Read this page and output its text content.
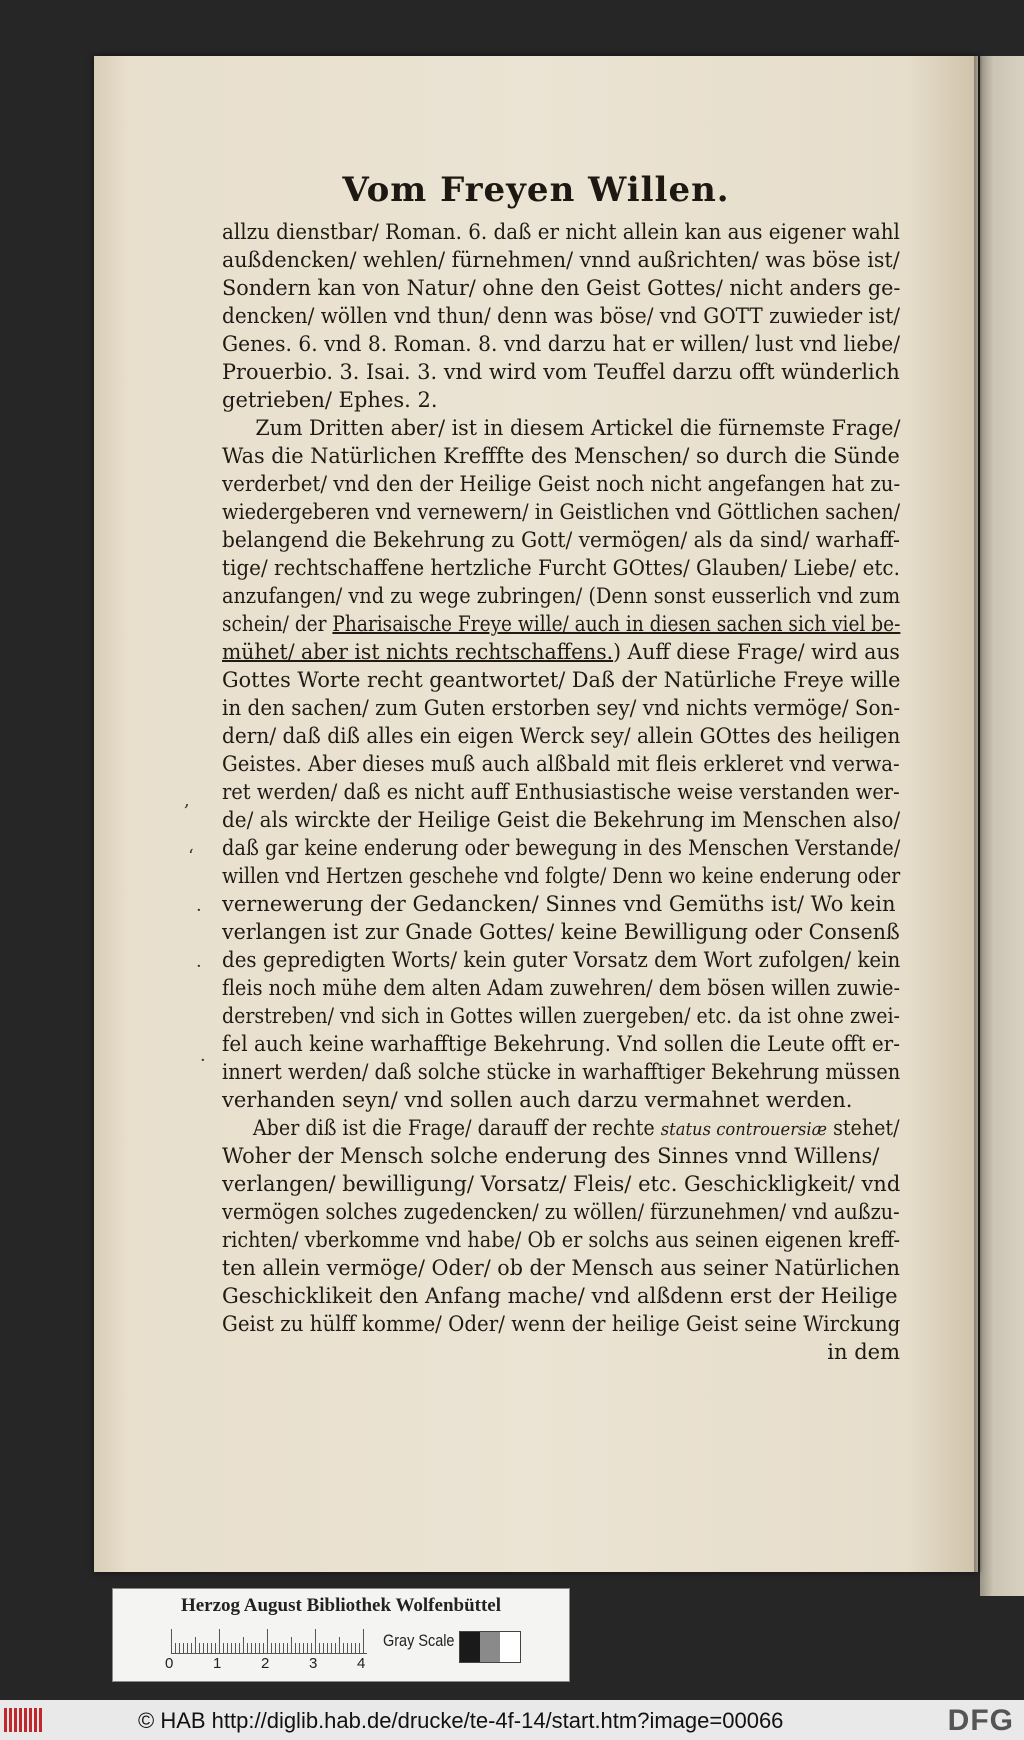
Vom Freyen Willen.
allzu dienstbar/ Roman. 6. daß er nicht allein kan aus eigener wahl
außdencken/ wehlen/ fürnehmen/ vnnd außrichten/ was böse ist/
Sondern kan von Natur/ ohne den Geist Gottes/ nicht anders ge-
dencken/ wöllen vnd thun/ denn was böse/ vnd GOTT zuwieder ist/
Genes. 6. vnd 8. Roman. 8. vnd darzu hat er willen/ lust vnd liebe/
Prouerbio. 3. Isai. 3. vnd wird vom Teuffel darzu offt wünderlich
getrieben/ Ephes. 2.
Zum Dritten aber/ ist in diesem Artickel die fürnemste Frage/
Was die Natürlichen Krefffte des Menschen/ so durch die Sünde
verderbet/ vnd den der Heilige Geist noch nicht angefangen hat zu-
wiedergeberen vnd vernewern/ in Geistlichen vnd Göttlichen sachen/
belangend die Bekehrung zu Gott/ vermögen/ als da sind/ warhaff-
tige/ rechtschaffene hertzliche Furcht GOttes/ Glauben/ Liebe/ etc.
anzufangen/ vnd zu wege zubringen/ (Denn sonst eusserlich vnd zum
schein/ der Pharisaische Freye wille/ auch in diesen sachen sich viel be-
mühet/ aber ist nichts rechtschaffens.) Auff diese Frage/ wird aus
Gottes Worte recht geantwortet/ Daß der Natürliche Freye wille
in den sachen/ zum Guten erstorben sey/ vnd nichts vermöge/ Son-
dern/ daß diß alles ein eigen Werck sey/ allein GOttes des heiligen
Geistes. Aber dieses muß auch alßbald mit fleis erkleret vnd verwa-
ret werden/ daß es nicht auff Enthusiastische weise verstanden wer-
de/ als wirckte der Heilige Geist die Bekehrung im Menschen also/
daß gar keine enderung oder bewegung in des Menschen Verstande/
willen vnd Hertzen geschehe vnd folgte/ Denn wo keine enderung oder
vernewerung der Gedancken/ Sinnes vnd Gemüths ist/ Wo kein
verlangen ist zur Gnade Gottes/ keine Bewilligung oder Consenß
des gepredigten Worts/ kein guter Vorsatz dem Wort zufolgen/ kein
fleis noch mühe dem alten Adam zuwehren/ dem bösen willen zuwie-
derstreben/ vnd sich in Gottes willen zuergeben/ etc. da ist ohne zwei-
fel auch keine warhafftige Bekehrung. Vnd sollen die Leute offt er-
innert werden/ daß solche stücke in warhafftiger Bekehrung müssen
verhanden seyn/ vnd sollen auch darzu vermahnet werden.
Aber diß ist die Frage/ darauff der rechte status controuersiæ stehet/
Woher der Mensch solche enderung des Sinnes vnnd Willens/
verlangen/ bewilligung/ Vorsatz/ Fleis/ etc. Geschickligkeit/ vnd
vermögen solches zugedencken/ zu wöllen/ fürzunehmen/ vnd außzu-
richten/ vberkomme vnd habe/ Ob er solchs aus seinen eigenen kreff-
ten allein vermöge/ Oder/ ob der Mensch aus seiner Natürlichen
Geschicklikeit den Anfang mache/ vnd alßdenn erst der Heilige
Geist zu hülff komme/ Oder/ wenn der heilige Geist seine Wirckung
in dem
,
‘
·
·
·
Herzog August Bibliothek Wolfenbüttel
0	1	2	3	4
Gray Scale
© HAB http://diglib.hab.de/drucke/te-4f-14/start.htm?image=00066	DFG
